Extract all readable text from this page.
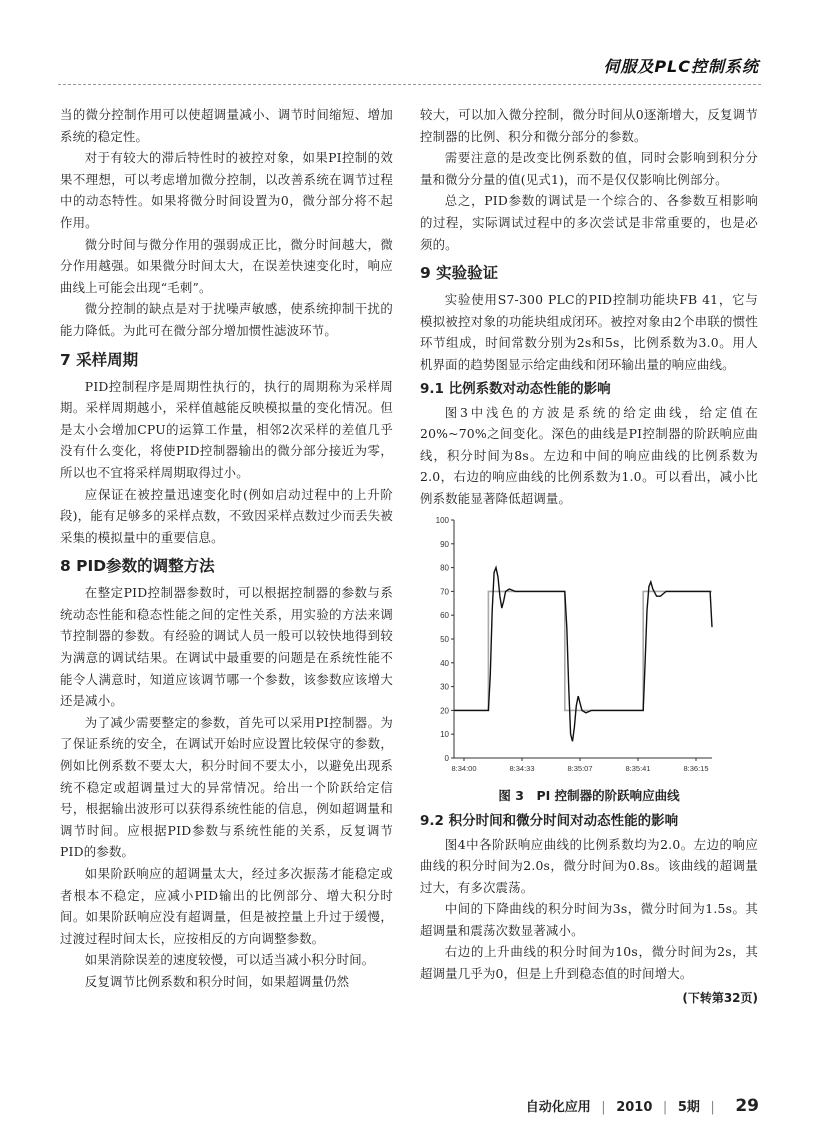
伺服及PLC控制系统

当的微分控制作用可以使超调量减小、调节时间缩短、增加系统的稳定性。

对于有较大的滞后特性时的被控对象，如果PI控制的效果不理想，可以考虑增加微分控制，以改善系统在调节过程中的动态特性。如果将微分时间设置为0，微分部分将不起作用。

微分时间与微分作用的强弱成正比，微分时间越大，微分作用越强。如果微分时间太大，在误差快速变化时，响应曲线上可能会出现“毛刺”。

微分控制的缺点是对于扰噪声敏感，使系统抑制干扰的能力降低。为此可在微分部分增加惯性滤波环节。

7 采样周期

PID控制程序是周期性执行的，执行的周期称为采样周期。采样周期越小，采样值越能反映模拟量的变化情况。但是太小会增加CPU的运算工作量，相邻2次采样的差值几乎没有什么变化，将使PID控制器输出的微分部分接近为零，所以也不宜将采样周期取得过小。

应保证在被控量迅速变化时(例如启动过程中的上升阶段)，能有足够多的采样点数，不致因采样点数过少而丢失被采集的模拟量中的重要信息。

8 PID参数的调整方法

在整定PID控制器参数时，可以根据控制器的参数与系统动态性能和稳态性能之间的定性关系，用实验的方法来调节控制器的参数。有经验的调试人员一般可以较快地得到较为满意的调试结果。在调试中最重要的问题是在系统性能不能令人满意时，知道应该调节哪一个参数，该参数应该增大还是减小。

为了减少需要整定的参数，首先可以采用PI控制器。为了保证系统的安全，在调试开始时应设置比较保守的参数，例如比例系数不要太大，积分时间不要太小，以避免出现系统不稳定或超调量过大的异常情况。给出一个阶跃给定信号，根据输出波形可以获得系统性能的信息，例如超调量和调节时间。应根据PID参数与系统性能的关系，反复调节PID的参数。

如果阶跃响应的超调量太大，经过多次振荡才能稳定或者根本不稳定，应减小PID输出的比例部分、增大积分时间。如果阶跃响应没有超调量，但是被控量上升过于缓慢，过渡过程时间太长，应按相反的方向调整参数。

如果消除误差的速度较慢，可以适当减小积分时间。

反复调节比例系数和积分时间，如果超调量仍然

较大，可以加入微分控制，微分时间从0逐渐增大，反复调节控制器的比例、积分和微分部分的参数。

需要注意的是改变比例系数的值，同时会影响到积分分量和微分分量的值(见式1)，而不是仅仅影响比例部分。

总之，PID参数的调试是一个综合的、各参数互相影响的过程，实际调试过程中的多次尝试是非常重要的，也是必须的。

9 实验验证

实验使用S7-300 PLC的PID控制功能块FB 41，它与模拟被控对象的功能块组成闭环。被控对象由2个串联的惯性环节组成，时间常数分别为2s和5s，比例系数为3.0。用人机界面的趋势图显示给定曲线和闭环输出量的响应曲线。

9.1 比例系数对动态性能的影响

图3中浅色的方波是系统的给定曲线，给定值在20%~70%之间变化。深色的曲线是PI控制器的阶跃响应曲线，积分时间为8s。左边和中间的响应曲线的比例系数为2.0，右边的响应曲线的比例系数为1.0。可以看出，减小比例系数能显著降低超调量。

0
10
20
30
40
50
60
70
80
90
100
8:34:00	8:34:33	8:35:07	8:35:41	8:36:15
图 3　PI 控制器的阶跃响应曲线
9.2 积分时间和微分时间对动态性能的影响

图4中各阶跃响应曲线的比例系数均为2.0。左边的响应曲线的积分时间为2.0s，微分时间为0.8s。该曲线的超调量过大，有多次震荡。

中间的下降曲线的积分时间为3s，微分时间为1.5s。其超调量和震荡次数显著减小。

右边的上升曲线的积分时间为10s，微分时间为2s，其超调量几乎为0，但是上升到稳态值的时间增大。

(下转第32页)
自动化应用 | 2010 | 5期 | 29
